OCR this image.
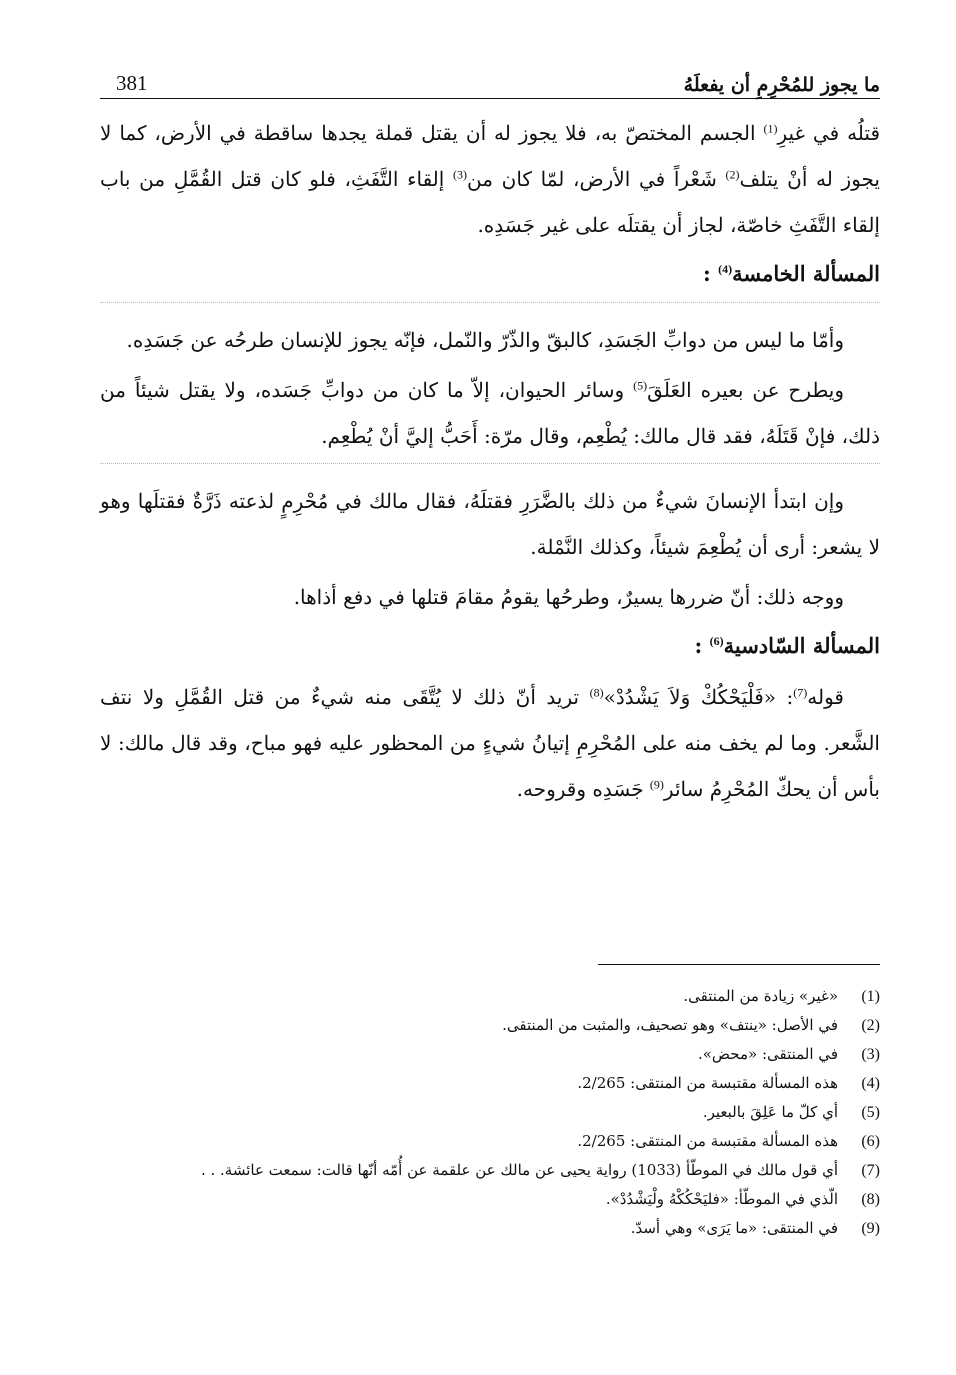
ما يجوز للمُحْرِمِ أن يفعلَهُ
381

قتلُه في غيرِ$^{(1)}$ الجسم المختصّ به، فلا يجوز له أن يقتل قملة يجدها ساقطة في الأرض، كما لا يجوز له أنْ يتلف$^{(2)}$ شَعْراً في الأرض، لمّا كان من$^{(3)}$ إلقاء التَّفَثِ، فلو كان قتل القُمَّلِ من باب إلقاء التَّفَثِ خاصّة، لجاز أن يقتلَه على غير جَسَدِه.

المسألة الخامسة$^{(4)}$ :

وأمّا ما ليس من دوابِّ الجَسَدِ، كالبقّ والذّرّ والنّمل، فإنّه يجوز للإنسان طرحُه عن جَسَدِه.

ويطرح عن بعيره العَلَقَ$^{(5)}$ وسائر الحيوان، إلاّ ما كان من دوابِّ جَسَده، ولا يقتل شيئاً من ذلك، فإنْ قَتَلَهُ، فقد قال مالك: يُطْعِم، وقال مرّة: أَحَبُّ إليَّ أنْ يُطْعِم.

وإن ابتدأ الإنسانَ شيءٌ من ذلك بالضَّرَرِ فقتلَهُ، فقال مالك في مُحْرِمٍ لذعته ذَرَّةٌ فقتلَها وهو لا يشعر: أرى أن يُطْعِمَ شيئاً، وكذلك النَّمْلة.

ووجه ذلك: أنّ ضررها يسيرٌ، وطرحُها يقومُ مقامَ قتلها في دفع أذاها.

المسألة السّادسية$^{(6)}$ :

قوله$^{(7)}$: «فَلْيَحْكُكْ وَلاَ يَشْدُدْ»$^{(8)}$ تريد أنّ ذلك لا يُتَّقَى منه شيءٌ من قتل القُمَّلِ ولا نتف الشَّعر. وما لم يخف منه على المُحْرِمِ إتيانُ شيءٍ من المحظور عليه فهو مباح، وقد قال مالك: لا بأس أن يحكّ المُحْرِمُ سائر$^{(9)}$ جَسَدِه وقروحه.

(1)
«غير» زيادة من المنتقى.
(2)
في الأصل: «ينتف» وهو تصحيف، والمثبت من المنتقى.
(3)
في المنتقى: «محض».
(4)
هذه المسألة مقتبسة من المنتقى: 2/265.
(5)
أي كلّ ما عَلِقَ بالبعير.
(6)
هذه المسألة مقتبسة من المنتقى: 2/265.
(7)
أي قول مالك في الموطّأ (1033) رواية يحيى عن مالك عن علقمة عن أُمّه أنّها قالت: سمعت عائشة. . .
(8)
الّذي في الموطّأ: «فليَحْكُكْهُ ولْيَشْدُدْ».
(9)
في المنتقى: «ما يَرَى» وهي أسدّ.
